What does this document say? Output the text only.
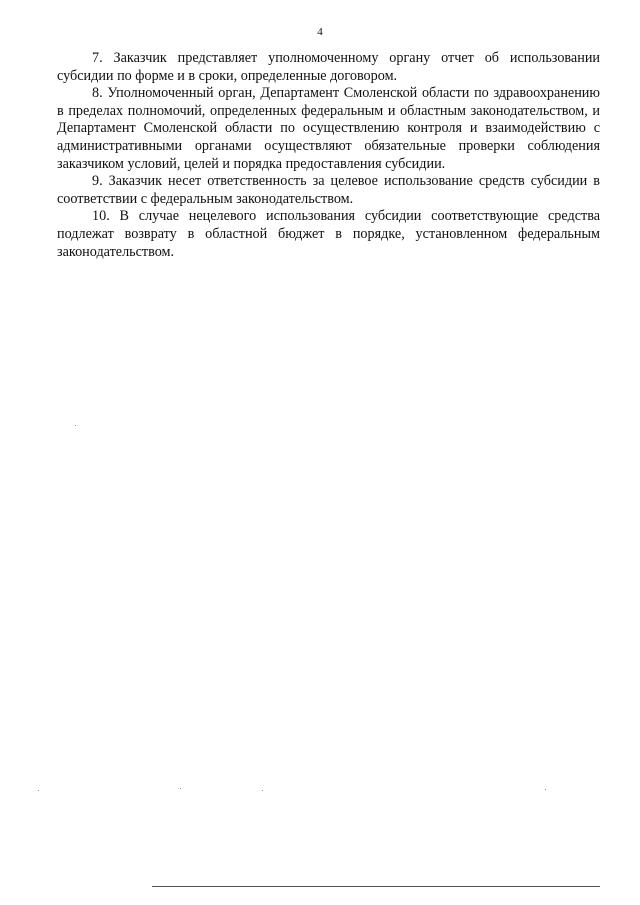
4

7. Заказчик представляет уполномоченному органу отчет об использовании субсидии по форме и в сроки, определенные договором.

8. Уполномоченный орган, Департамент Смоленской области по здравоохранению в пределах полномочий, определенных федеральным и областным законодательством, и Департамент Смоленской области по осуществлению контроля и взаимодействию с административными органами осуществляют обязательные проверки соблюдения заказчиком условий, целей и порядка предоставления субсидии.

9. Заказчик несет ответственность за целевое использование средств субсидии в соответствии с федеральным законодательством.

10. В случае нецелевого использования субсидии соответствующие средства подлежат возврату в областной бюджет в порядке, установленном федеральным законодательством.
